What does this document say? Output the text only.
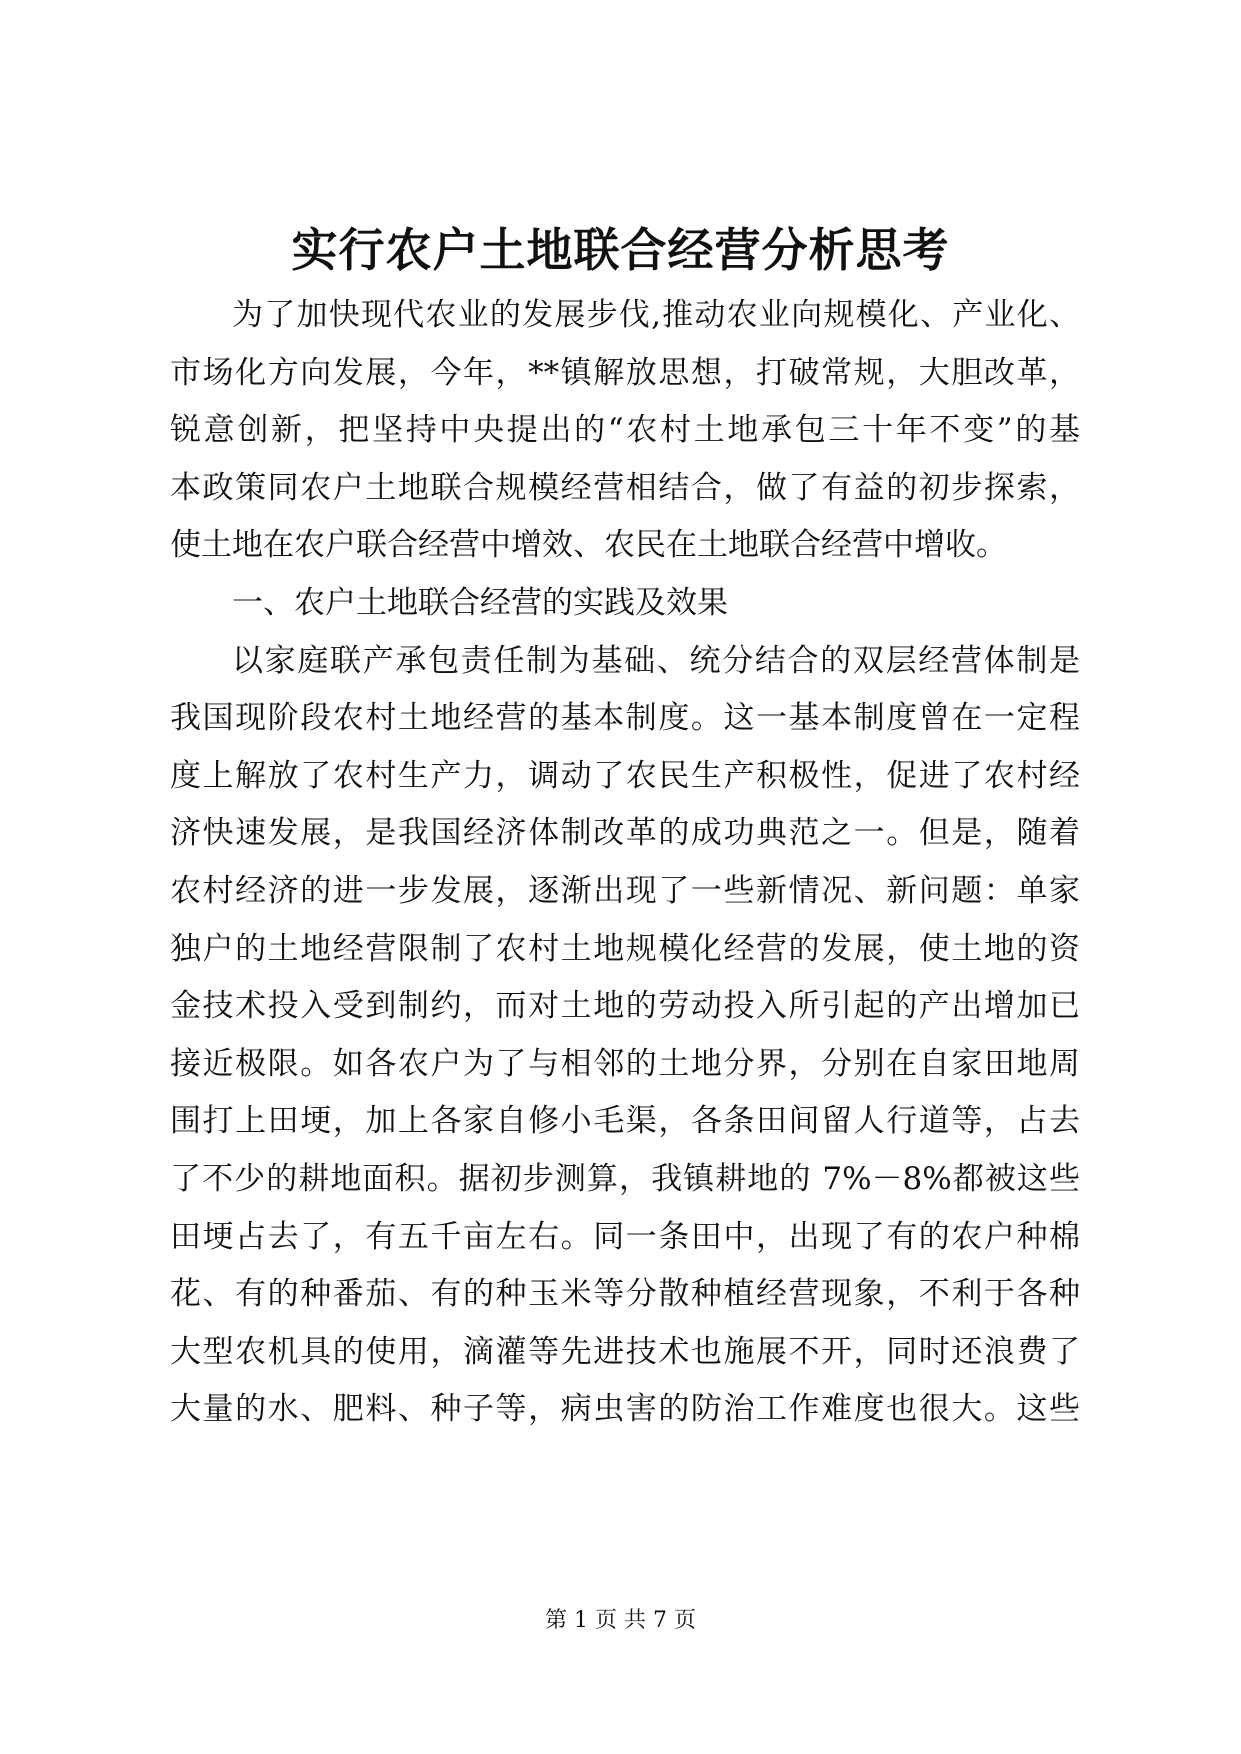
实行农户土地联合经营分析思考
为了加快现代农业的发展步伐,推动农业向规模化、产业化、
市场化方向发展，今年，**镇解放思想，打破常规，大胆改革，
锐意创新，把坚持中央提出的“农村土地承包三十年不变”的基
本政策同农户土地联合规模经营相结合，做了有益的初步探索，
使土地在农户联合经营中增效、农民在土地联合经营中增收。
一、农户土地联合经营的实践及效果
以家庭联产承包责任制为基础、统分结合的双层经营体制是
我国现阶段农村土地经营的基本制度。这一基本制度曾在一定程
度上解放了农村生产力，调动了农民生产积极性，促进了农村经
济快速发展，是我国经济体制改革的成功典范之一。但是，随着
农村经济的进一步发展，逐渐出现了一些新情况、新问题：单家
独户的土地经营限制了农村土地规模化经营的发展，使土地的资
金技术投入受到制约，而对土地的劳动投入所引起的产出增加已
接近极限。如各农户为了与相邻的土地分界，分别在自家田地周
围打上田埂，加上各家自修小毛渠，各条田间留人行道等，占去
了不少的耕地面积。据初步测算，我镇耕地的 7%－8%都被这些
田埂占去了，有五千亩左右。同一条田中，出现了有的农户种棉
花、有的种番茄、有的种玉米等分散种植经营现象，不利于各种
大型农机具的使用，滴灌等先进技术也施展不开，同时还浪费了
大量的水、肥料、种子等，病虫害的防治工作难度也很大。这些
第 1 页 共 7 页
